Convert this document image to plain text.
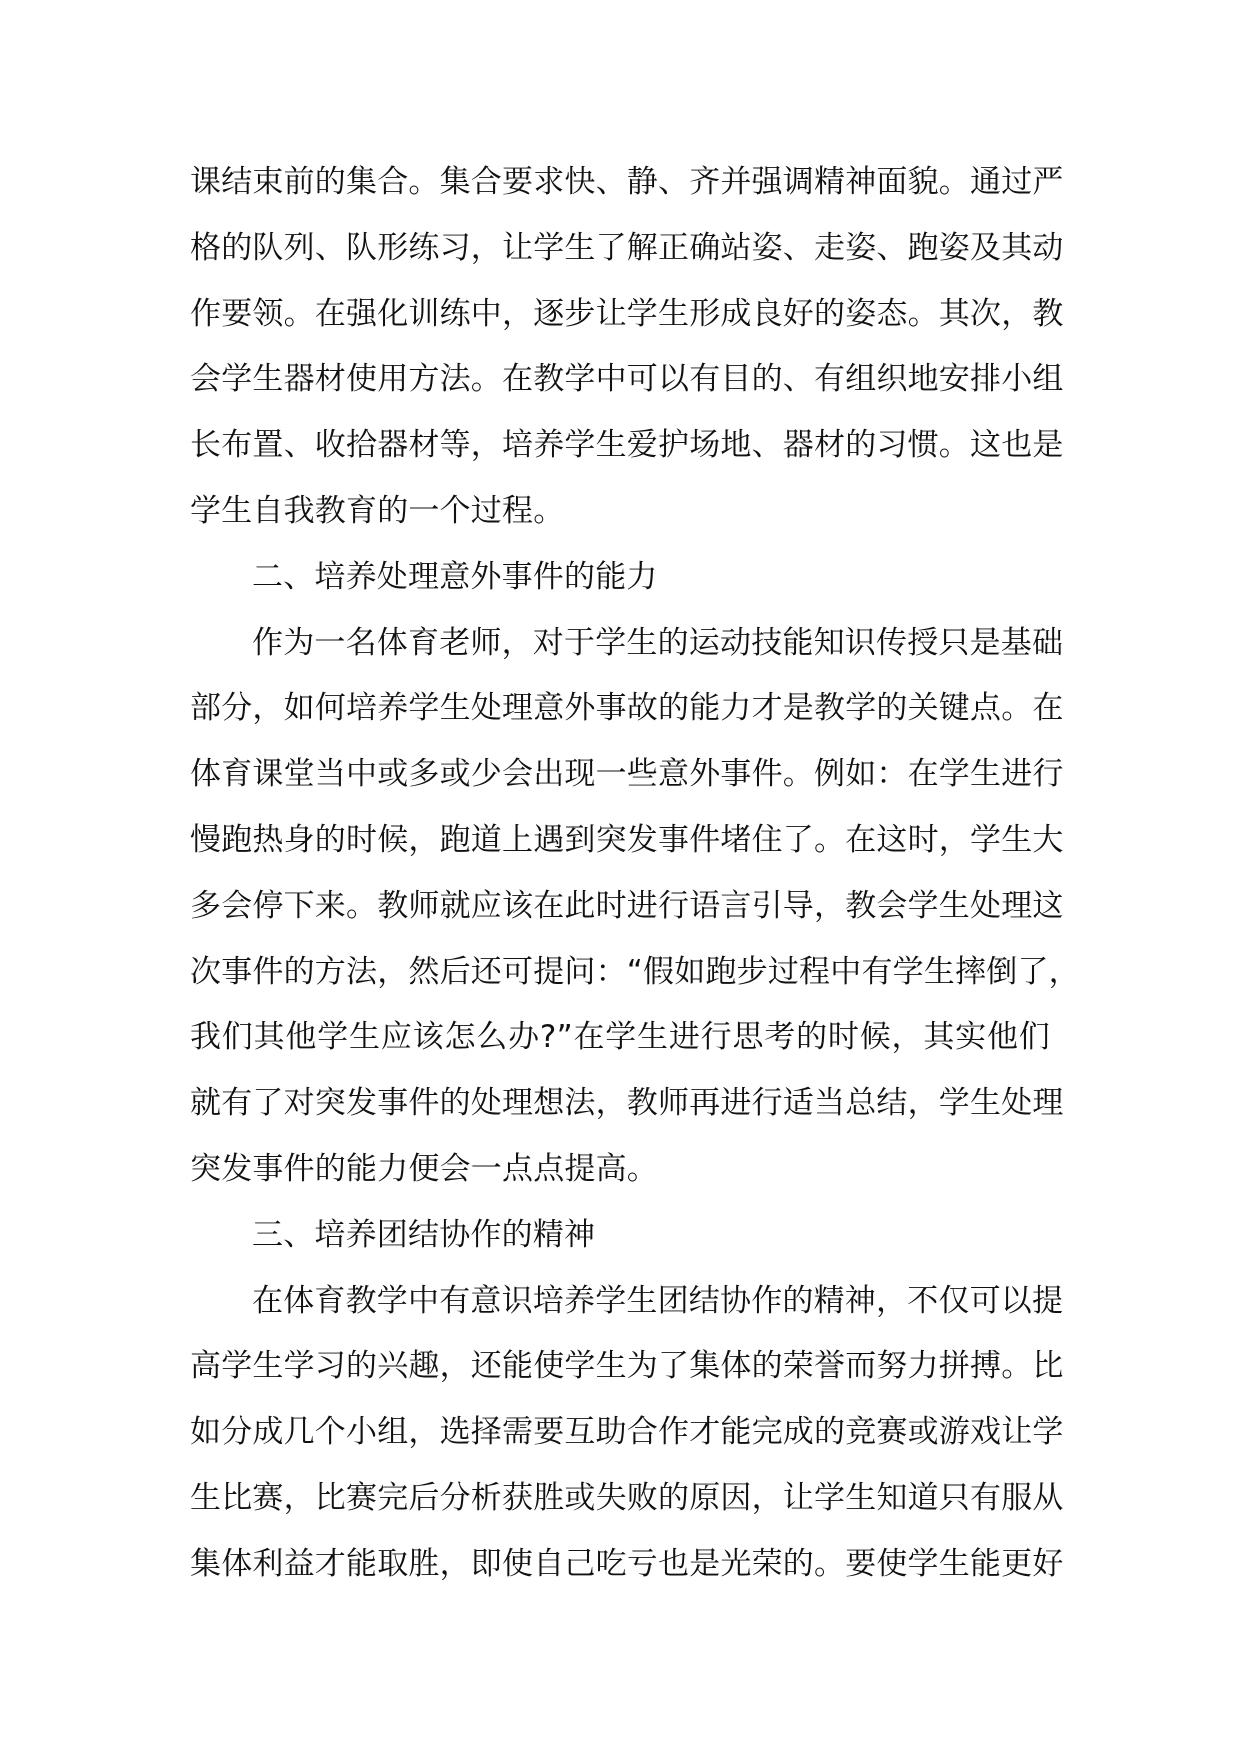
课结束前的集合。集合要求快、静、齐并强调精神面貌。通过严
格的队列、队形练习，让学生了解正确站姿、走姿、跑姿及其动
作要领。在强化训练中，逐步让学生形成良好的姿态。其次，教
会学生器材使用方法。在教学中可以有目的、有组织地安排小组
长布置、收拾器材等，培养学生爱护场地、器材的习惯。这也是
学生自我教育的一个过程。
二、培养处理意外事件的能力
作为一名体育老师，对于学生的运动技能知识传授只是基础
部分，如何培养学生处理意外事故的能力才是教学的关键点。在
体育课堂当中或多或少会出现一些意外事件。例如：在学生进行
慢跑热身的时候，跑道上遇到突发事件堵住了。在这时，学生大
多会停下来。教师就应该在此时进行语言引导，教会学生处理这
次事件的方法，然后还可提问：“假如跑步过程中有学生摔倒了，
我们其他学生应该怎么办?”在学生进行思考的时候，其实他们
就有了对突发事件的处理想法，教师再进行适当总结，学生处理
突发事件的能力便会一点点提高。
三、培养团结协作的精神
在体育教学中有意识培养学生团结协作的精神，不仅可以提
高学生学习的兴趣，还能使学生为了集体的荣誉而努力拼搏。比
如分成几个小组，选择需要互助合作才能完成的竞赛或游戏让学
生比赛，比赛完后分析获胜或失败的原因，让学生知道只有服从
集体利益才能取胜，即使自己吃亏也是光荣的。要使学生能更好
